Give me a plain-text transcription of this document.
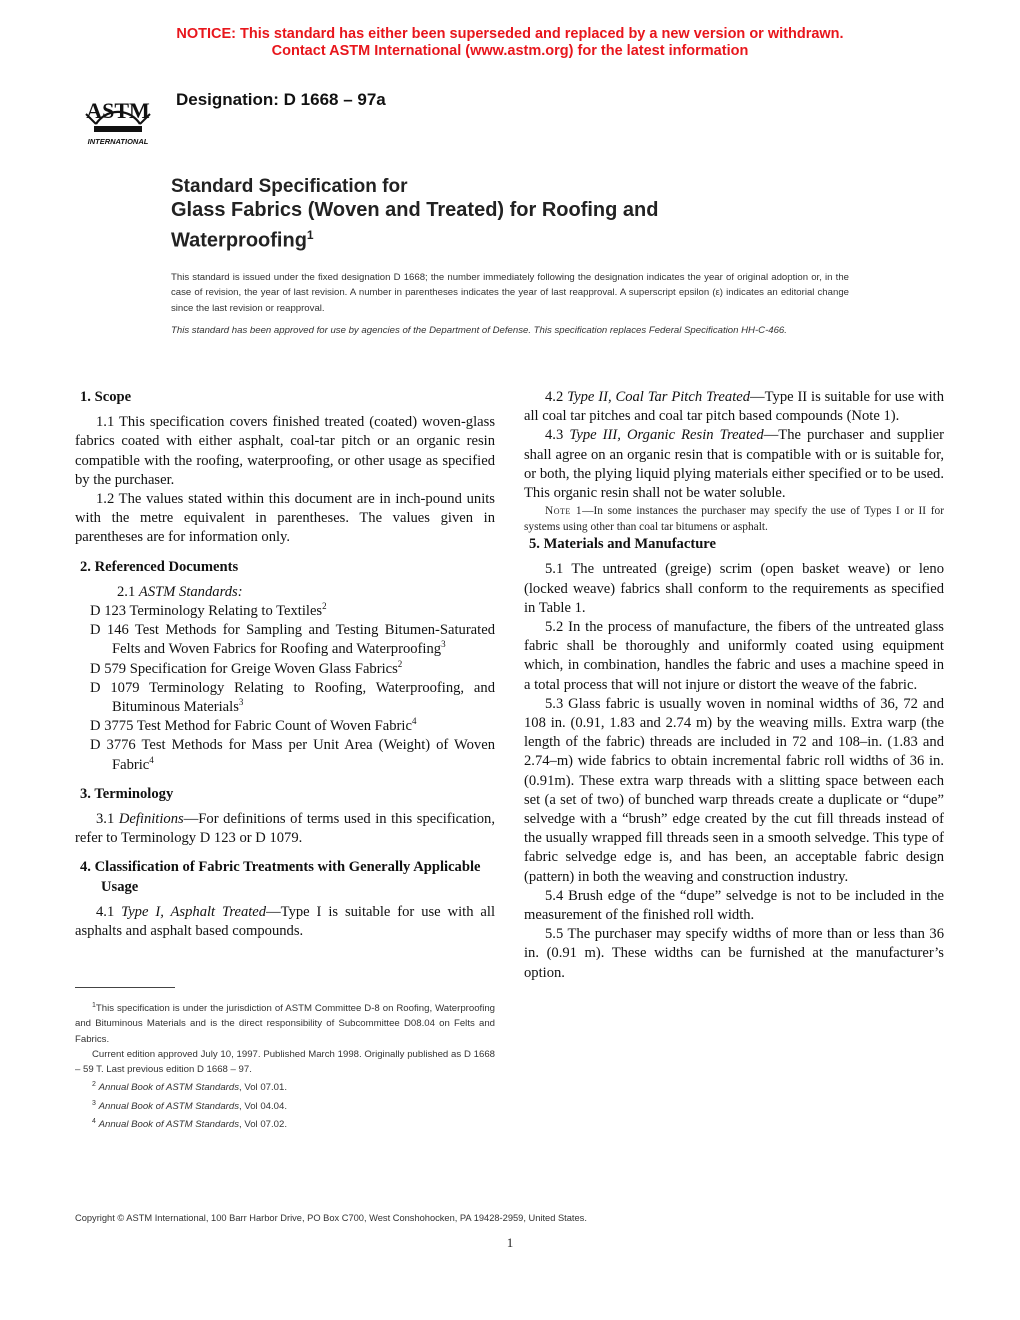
NOTICE: This standard has either been superseded and replaced by a new version or withdrawn.
Contact ASTM International (www.astm.org) for the latest information
ASTM
INTERNATIONAL
Designation: D 1668 – 97a
Standard Specification for
Glass Fabrics (Woven and Treated) for Roofing and
Waterproofing$^1$

This standard is issued under the fixed designation D 1668; the number immediately following the designation indicates the year of original adoption or, in the case of revision, the year of last revision. A number in parentheses indicates the year of last reapproval. A superscript epsilon (ε) indicates an editorial change since the last revision or reapproval.

This standard has been approved for use by agencies of the Department of Defense. This specification replaces Federal Specification HH-C-466.

1. Scope

1.1 This specification covers finished treated (coated) woven-glass fabrics coated with either asphalt, coal-tar pitch or an organic resin compatible with the roofing, waterproofing, or other usage as specified by the purchaser.

1.2 The values stated within this document are in inch-pound units with the metre equivalent in parentheses. The values given in parentheses are for information only.

2. Referenced Documents

2.1 ASTM Standards:

D 123 Terminology Relating to Textiles$^2$

D 146 Test Methods for Sampling and Testing Bitumen-Saturated Felts and Woven Fabrics for Roofing and Waterproofing$^3$

D 579 Specification for Greige Woven Glass Fabrics$^2$

D 1079 Terminology Relating to Roofing, Waterproofing, and Bituminous Materials$^3$

D 3775 Test Method for Fabric Count of Woven Fabric$^4$

D 3776 Test Methods for Mass per Unit Area (Weight) of Woven Fabric$^4$

3. Terminology

3.1 Definitions—For definitions of terms used in this specification, refer to Terminology D 123 or D 1079.

4. Classification of Fabric Treatments with Generally Applicable Usage

4.1 Type I, Asphalt Treated—Type I is suitable for use with all asphalts and asphalt based compounds.

$^1$This specification is under the jurisdiction of ASTM Committee D-8 on Roofing, Waterproofing and Bituminous Materials and is the direct responsibility of Subcommittee D08.04 on Felts and Fabrics.

Current edition approved July 10, 1997. Published March 1998. Originally published as D 1668 – 59 T. Last previous edition D 1668 – 97.

$^2$ Annual Book of ASTM Standards, Vol 07.01.

$^3$ Annual Book of ASTM Standards, Vol 04.04.

$^4$ Annual Book of ASTM Standards, Vol 07.02.

4.2 Type II, Coal Tar Pitch Treated—Type II is suitable for use with all coal tar pitches and coal tar pitch based compounds (Note 1).

4.3 Type III, Organic Resin Treated—The purchaser and supplier shall agree on an organic resin that is compatible with or is suitable for, or both, the plying liquid plying materials either specified or to be used. This organic resin shall not be water soluble.

Note 1—In some instances the purchaser may specify the use of Types I or II for systems using other than coal tar bitumens or asphalt.

5. Materials and Manufacture

5.1 The untreated (greige) scrim (open basket weave) or leno (locked weave) fabrics shall conform to the requirements as specified in Table 1.

5.2 In the process of manufacture, the fibers of the untreated glass fabric shall be thoroughly and uniformly coated using equipment which, in combination, handles the fabric and uses a machine speed in a total process that will not injure or distort the weave of the fabric.

5.3 Glass fabric is usually woven in nominal widths of 36, 72 and 108 in. (0.91, 1.83 and 2.74 m) by the weaving mills. Extra warp (the length of the fabric) threads are included in 72 and 108–in. (1.83 and 2.74–m) wide fabrics to obtain incremental fabric roll widths of 36 in. (0.91m). These extra warp threads with a slitting space between each set (a set of two) of bunched warp threads create a duplicate or “dupe” selvedge with a “brush” edge created by the cut fill threads instead of the usually wrapped fill threads seen in a smooth selvedge. This type of fabric selvedge edge is, and has been, an acceptable fabric design (pattern) in both the weaving and construction industry.

5.4 Brush edge of the “dupe” selvedge is not to be included in the measurement of the finished roll width.

5.5 The purchaser may specify widths of more than or less than 36 in. (0.91 m). These widths can be furnished at the manufacturer’s option.

Copyright © ASTM International, 100 Barr Harbor Drive, PO Box C700, West Conshohocken, PA 19428-2959, United States.
1
